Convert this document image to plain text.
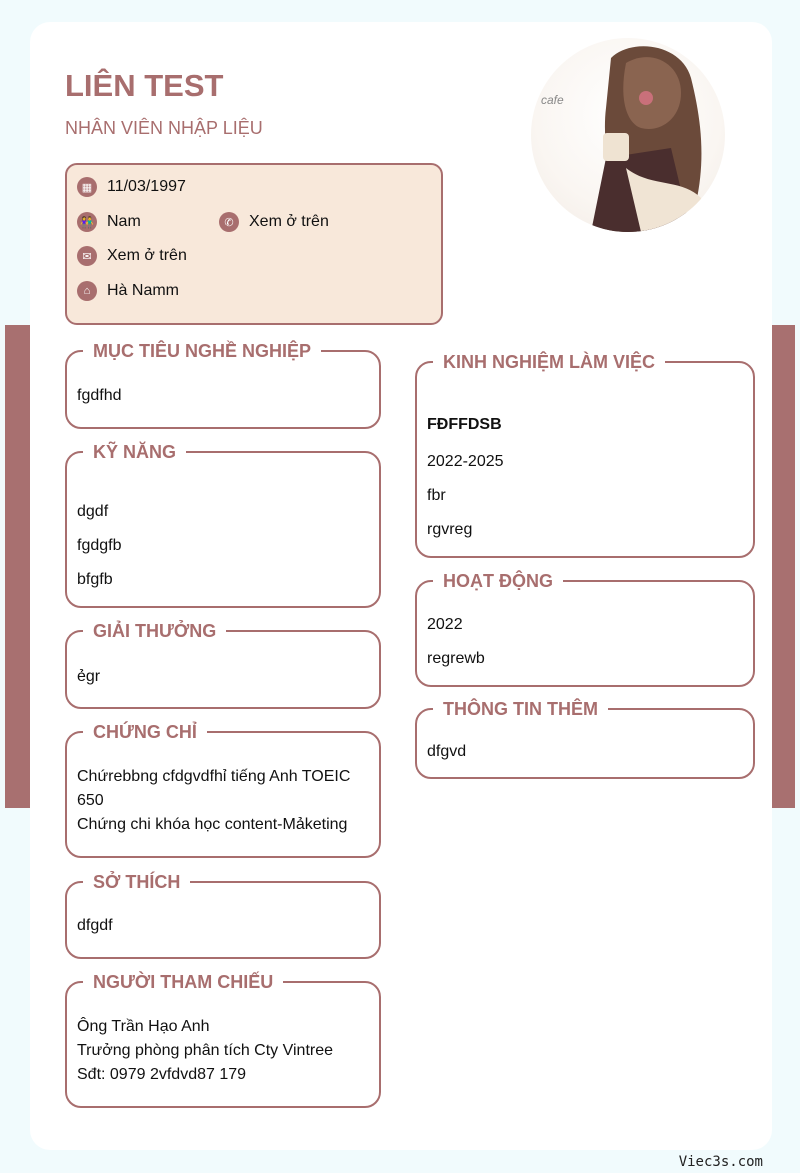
LIÊN TEST
NHÂN VIÊN NHẬP LIỆU
cafe
▦ 11/03/1997
👫 Nam	✆ Xem ở trên
✉ Xem ở trên
⌂	Hà Namm
MỤC TIÊU NGHỀ NGHIỆP

fgdfhd

KỸ NĂNG

dgdf

fgdgfb

bfgfb

GIẢI THƯỞNG

ẻgr

CHỨNG CHỈ

Chứrebbng cfdgvdfhỉ tiếng Anh TOEIC 650

Chứng chi khóa học content-Mảketing

SỞ THÍCH

dfgdf

NGƯỜI THAM CHIẾU

Ông Trần Hạo Anh

Trưởng phòng phân tích Cty Vintree

Sđt: 0979 2vfdvd87 179

KINH NGHIỆM LÀM VIỆC

FĐFFDSB

2022-2025

fbr

rgvreg

HOẠT ĐỘNG

2022

regrewb

THÔNG TIN THÊM

dfgvd

Viec3s.com
